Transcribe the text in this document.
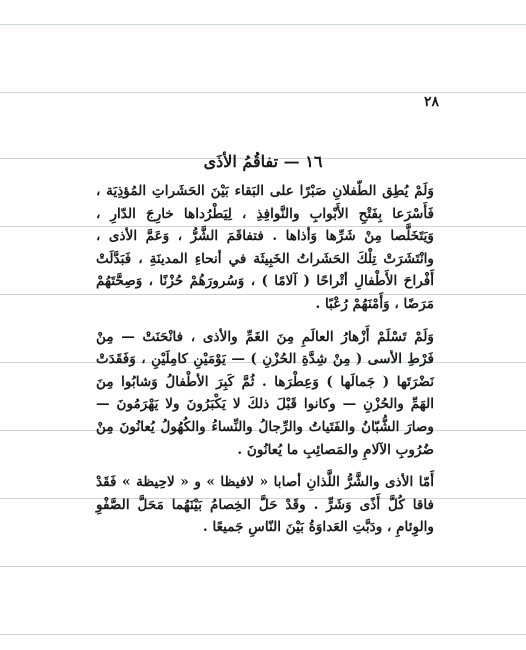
٢٨
١٦ — تفاقُمُ الأذَى

وَلَمْ يُطِق الطّفلانِ صَبْرًا على البَقاء بَيْنَ الحَشَراتِ المُؤذِيَة ، فَأَسْرَعا بِفَتْحِ الأَبْوابِ والنَّوافِذِ ، لِيَطْرُداها خارِجَ الدّارِ ، وَيَتَخَلَّصا مِنْ شَرِّها وَأذاها . فتفاقَمَ الشَّرُّ ، وَعَمَّ الأذى ، وانْتَشَرَتْ تِلْكَ الحَشَراتُ الخَبِيثَة في أنحاءِ المدينَةِ ، فَبَدَّلَتْ أَفْراحَ الأَطْفالِ أتْراحًا ( آلامًا ) ، وَسُرورَهُمْ حُزْنًا ، وَصِحَّتَهُمْ مَرَضًا ، وَأَمْنَهُمْ رُعْبًا .

وَلَمْ تَسْلَمْ أَزْهارُ العالَمِ مِنَ الغَمِّ والأذى ، فانْحَنَتْ — مِنْ فَرْطِ الأسى ( مِنْ شِدَّةِ الحُزْنِ ) — يَوْمَيْنِ كامِلَيْنِ ، وَفَقَدَتْ نَضْرَتَها ( جَمالَها ) وَعِطْرَها . ثُمَّ كَبِرَ الأطْفالُ وَشابُوا مِنَ الهَمِّ والحُزْنِ — وكانوا قَبْلَ ذلكَ لا يَكْبَرُونَ ولا يَهْرَمُونَ — وصارَ الشُّبّانُ والفَتَياتُ والرِّجالُ والنِّساءُ والكُهُولُ يُعانُونَ مِنْ ضُرُوبِ الآلامِ والمَصائِبِ ما يُعانُونَ .

أَمّا الأذى والشَّرُّ اللَّذانِ أصابا « لافيظا » و « لاحِيظة » فَقَدْ فاقا كُلَّ أَذًى وَشَرٍّ . وقَدْ حَلَّ الخِصامُ بَيْنَهُما مَحَلَّ الصَّفْوِ والوِئامِ ، ودَبَّتِ العَداوَةُ بَيْنَ النّاسِ جَميعًا .
